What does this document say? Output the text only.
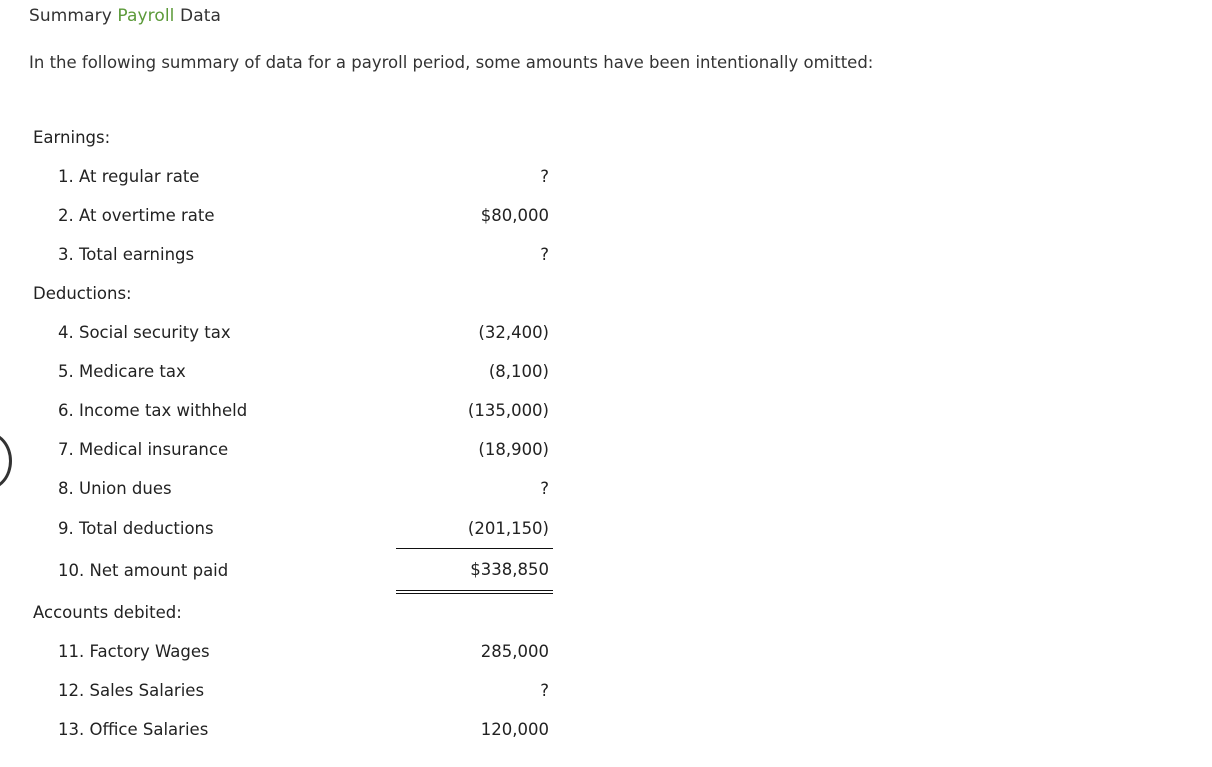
Summary Payroll Data
In the following summary of data for a payroll period, some amounts have been intentionally omitted:
Earnings:
1. At regular rate	?
2. At overtime rate	$80,000
3. Total earnings	?
Deductions:
4. Social security tax	(32,400)
5. Medicare tax	(8,100)
6. Income tax withheld	(135,000)
7. Medical insurance	(18,900)
8. Union dues	?
9. Total deductions	(201,150)
10. Net amount paid	$338,850
Accounts debited:
11. Factory Wages	285,000
12. Sales Salaries	?
13. Office Salaries	120,000
